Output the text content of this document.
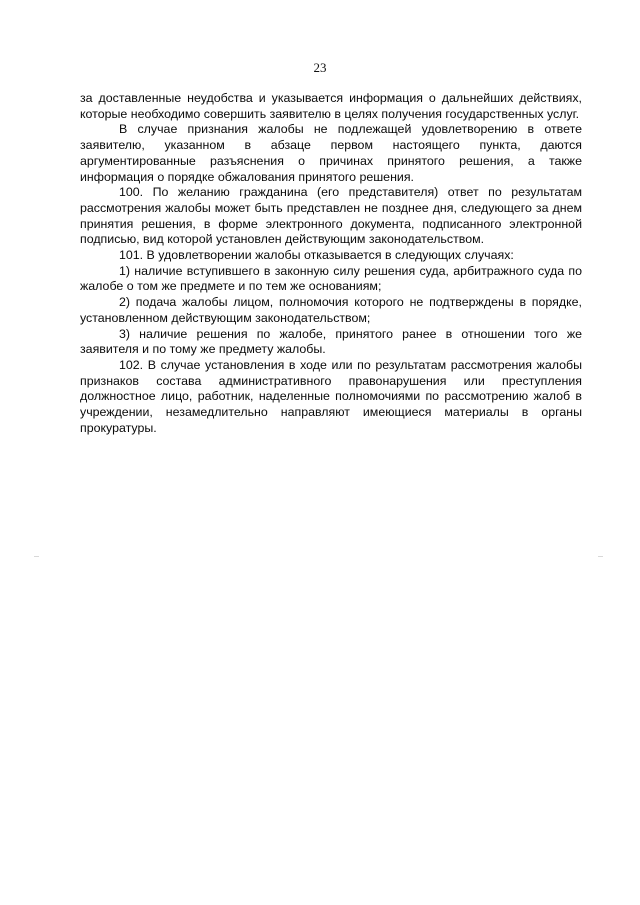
23

за доставленные неудобства и указывается информация о дальнейших действиях, которые необходимо совершить заявителю в целях получения государственных услуг.

В случае признания жалобы не подлежащей удовлетворению в ответе заявителю, указанном в абзаце первом настоящего пункта, даются аргументированные разъяснения о причинах принятого решения, а также информация о порядке обжалования принятого решения.

100. По желанию гражданина (его представителя) ответ по результатам рассмотрения жалобы может быть представлен не позднее дня, следующего за днем принятия решения, в форме электронного документа, подписанного электронной подписью, вид которой установлен действующим законодательством.

101. В удовлетворении жалобы отказывается в следующих случаях:

1) наличие вступившего в законную силу решения суда, арбитражного суда по жалобе о том же предмете и по тем же основаниям;

2) подача жалобы лицом, полномочия которого не подтверждены в порядке, установленном действующим законодательством;

3) наличие решения по жалобе, принятого ранее в отношении того же заявителя и по тому же предмету жалобы.

102. В случае установления в ходе или по результатам рассмотрения жалобы признаков состава административного правонарушения или преступления должностное лицо, работник, наделенные полномочиями по рассмотрению жалоб в учреждении, незамедлительно направляют имеющиеся материалы в органы прокуратуры.
